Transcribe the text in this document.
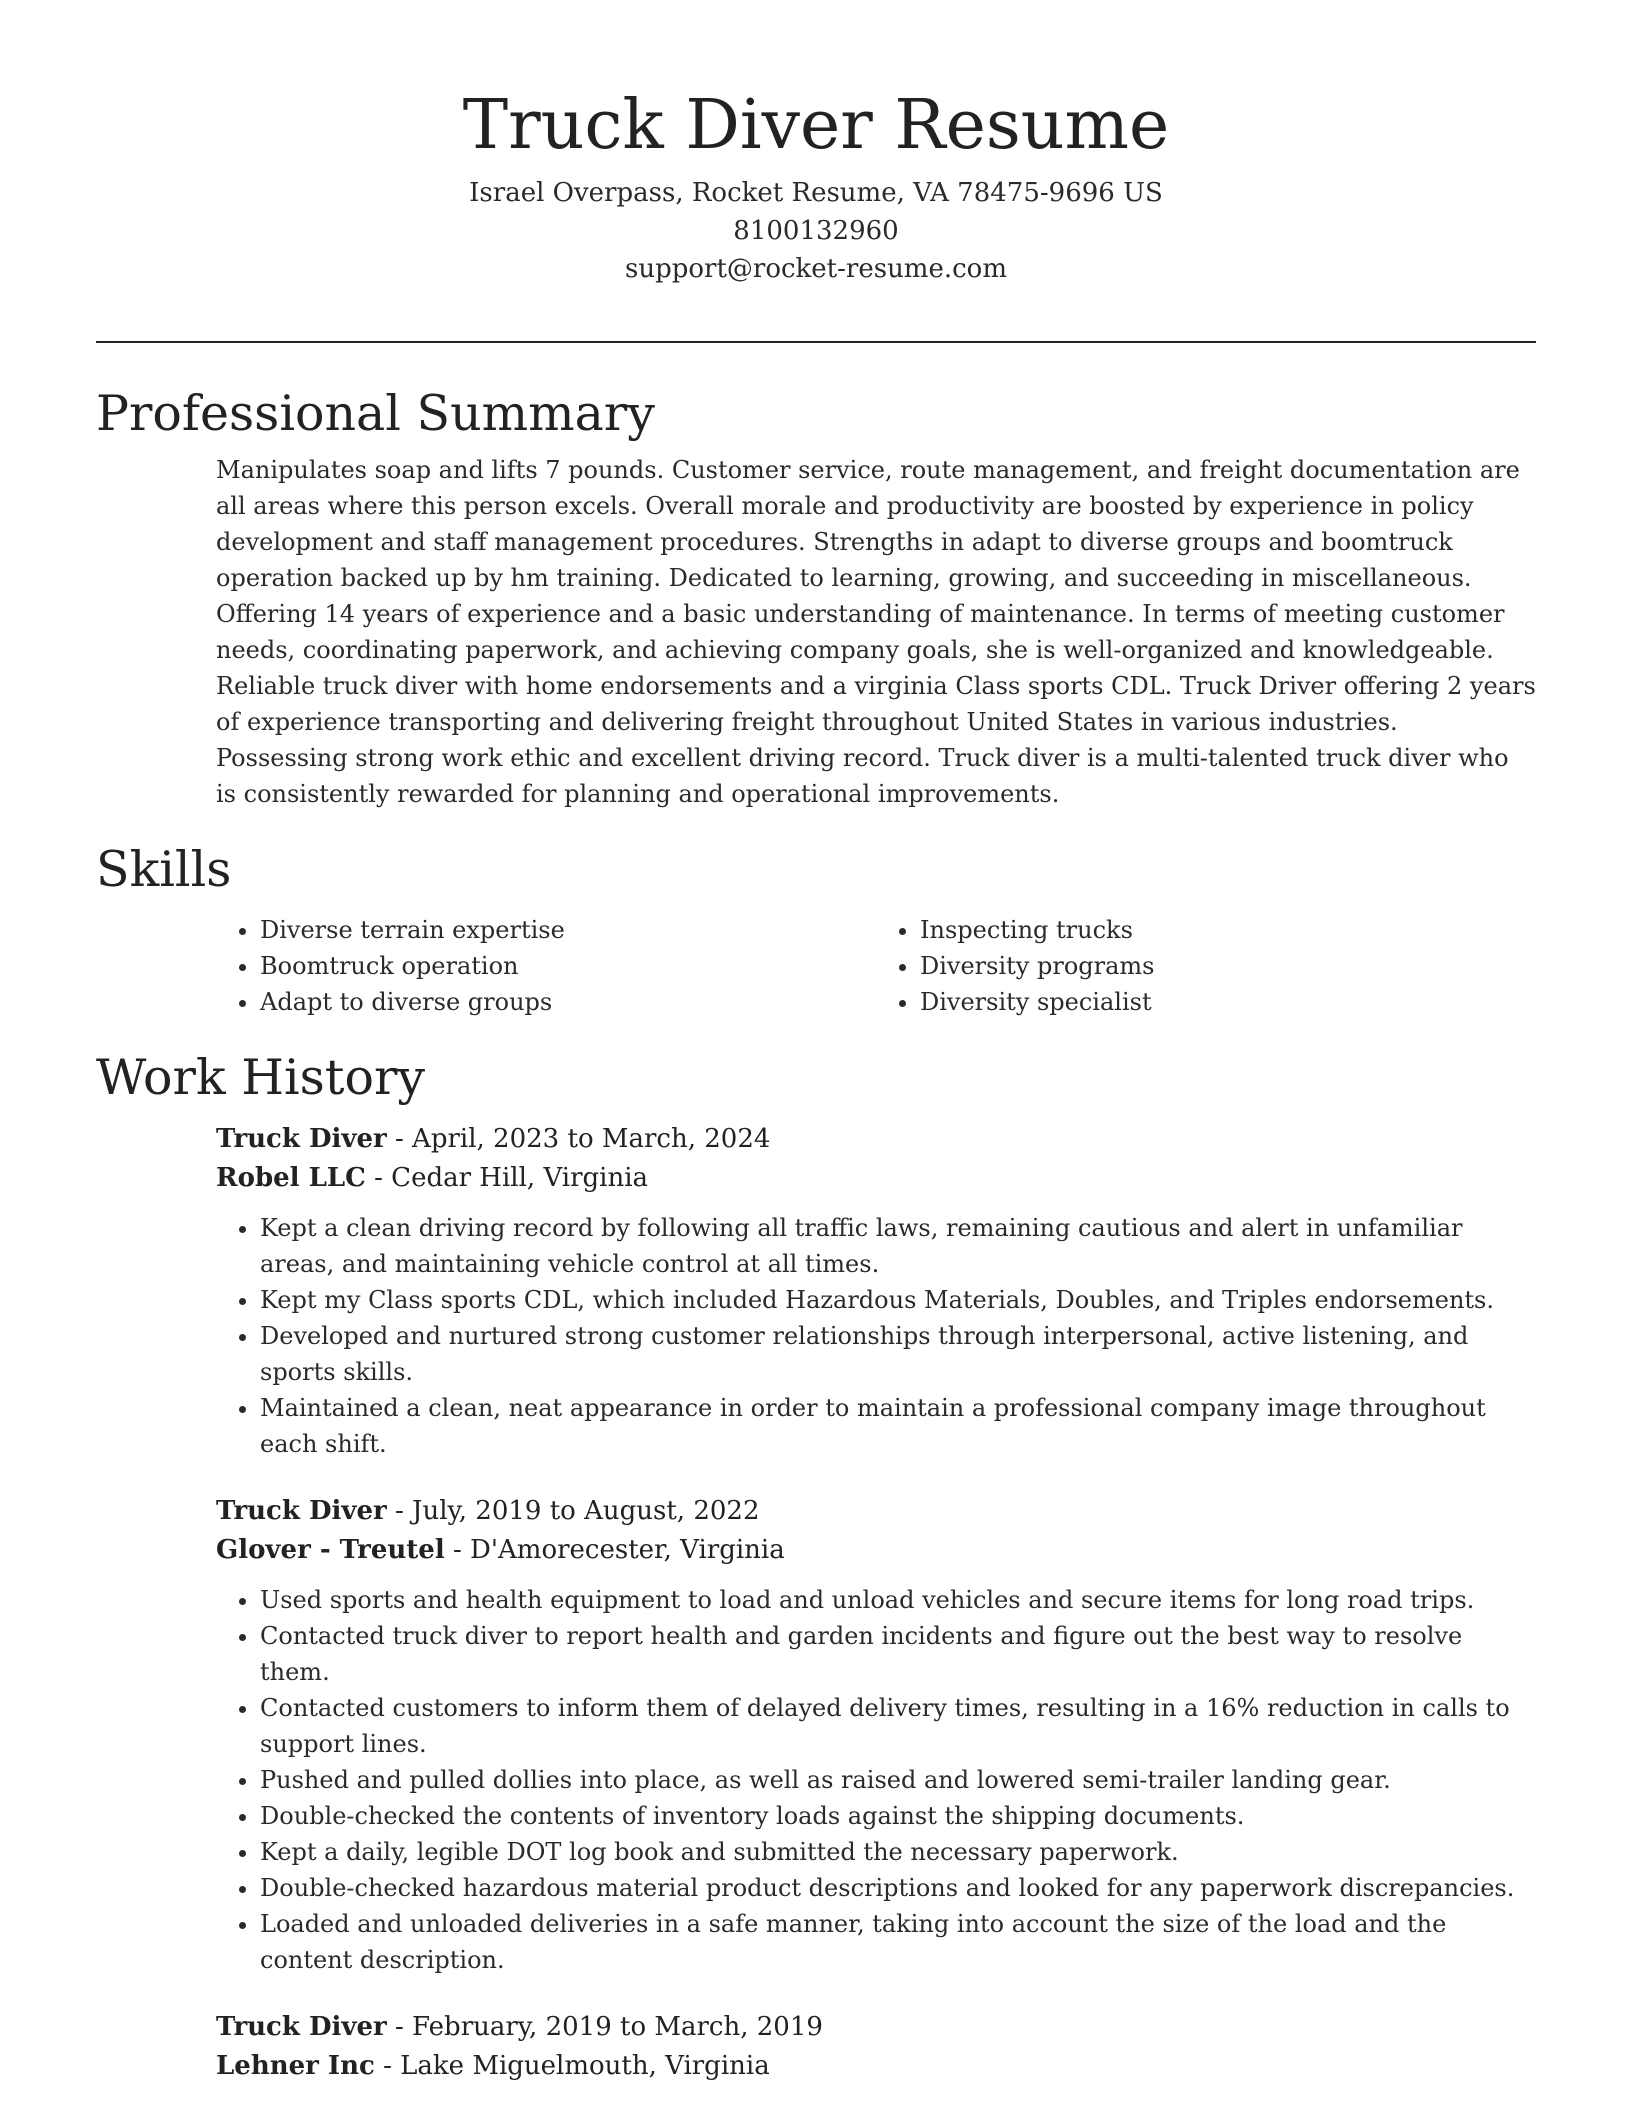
Truck Diver Resume
Israel Overpass, Rocket Resume, VA 78475-9696 US
8100132960
support@rocket-resume.com
Professional Summary
Manipulates soap and lifts 7 pounds. Customer service, route management, and freight documentation are all areas where this person excels. Overall morale and productivity are boosted by experience in policy development and staff management procedures. Strengths in adapt to diverse groups and boomtruck operation backed up by hm training. Dedicated to learning, growing, and succeeding in miscellaneous. Offering 14 years of experience and a basic understanding of maintenance. In terms of meeting customer needs, coordinating paperwork, and achieving company goals, she is well-organized and knowledgeable. Reliable truck diver with home endorsements and a virginia Class sports CDL. Truck Driver offering 2 years of experience transporting and delivering freight throughout United States in various industries. Possessing strong work ethic and excellent driving record. Truck diver is a multi-talented truck diver who is consistently rewarded for planning and operational improvements.
Skills
• Diverse terrain expertise
• Boomtruck operation
• Adapt to diverse groups
• Inspecting trucks
• Diversity programs
• Diversity specialist
Work History
Truck Diver - April, 2023 to March, 2024
Robel LLC - Cedar Hill, Virginia
• Kept a clean driving record by following all traffic laws, remaining cautious and alert in unfamiliar areas, and maintaining vehicle control at all times.
• Kept my Class sports CDL, which included Hazardous Materials, Doubles, and Triples endorsements.
• Developed and nurtured strong customer relationships through interpersonal, active listening, and sports skills.
• Maintained a clean, neat appearance in order to maintain a professional company image throughout each shift.
Truck Diver - July, 2019 to August, 2022
Glover - Treutel - D'Amorecester, Virginia
• Used sports and health equipment to load and unload vehicles and secure items for long road trips.
• Contacted truck diver to report health and garden incidents and figure out the best way to resolve them.
• Contacted customers to inform them of delayed delivery times, resulting in a 16% reduction in calls to support lines.
• Pushed and pulled dollies into place, as well as raised and lowered semi-trailer landing gear.
• Double-checked the contents of inventory loads against the shipping documents.
• Kept a daily, legible DOT log book and submitted the necessary paperwork.
• Double-checked hazardous material product descriptions and looked for any paperwork discrepancies.
• Loaded and unloaded deliveries in a safe manner, taking into account the size of the load and the content description.
Truck Diver - February, 2019 to March, 2019
Lehner Inc - Lake Miguelmouth, Virginia
